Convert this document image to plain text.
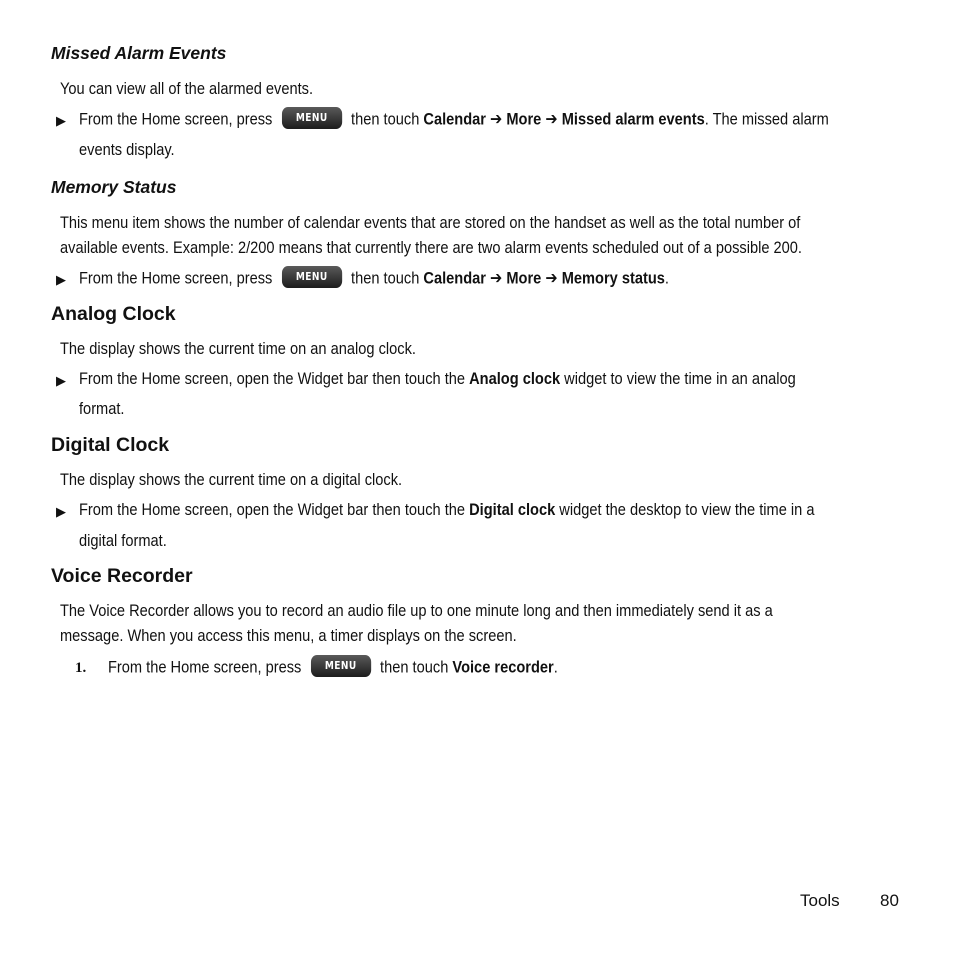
Missed Alarm Events
You can view all of the alarmed events.
▶ From the Home screen, press MENU then touch Calendar ➔ More ➔ Missed alarm events. The missed alarm
events display.
Memory Status
This menu item shows the number of calendar events that are stored on the handset as well as the total number of
available events. Example: 2/200 means that currently there are two alarm events scheduled out of a possible 200.
▶ From the Home screen, press MENU then touch Calendar ➔ More ➔ Memory status.
Analog Clock
The display shows the current time on an analog clock.
▶ From the Home screen, open the Widget bar then touch the Analog clock widget to view the time in an analog
format.
Digital Clock
The display shows the current time on a digital clock.
▶ From the Home screen, open the Widget bar then touch the Digital clock widget the desktop to view the time in a
digital format.
Voice Recorder
The Voice Recorder allows you to record an audio file up to one minute long and then immediately send it as a
message. When you access this menu, a timer displays on the screen.
1. From the Home screen, press MENU then touch Voice recorder.
Tools 80
